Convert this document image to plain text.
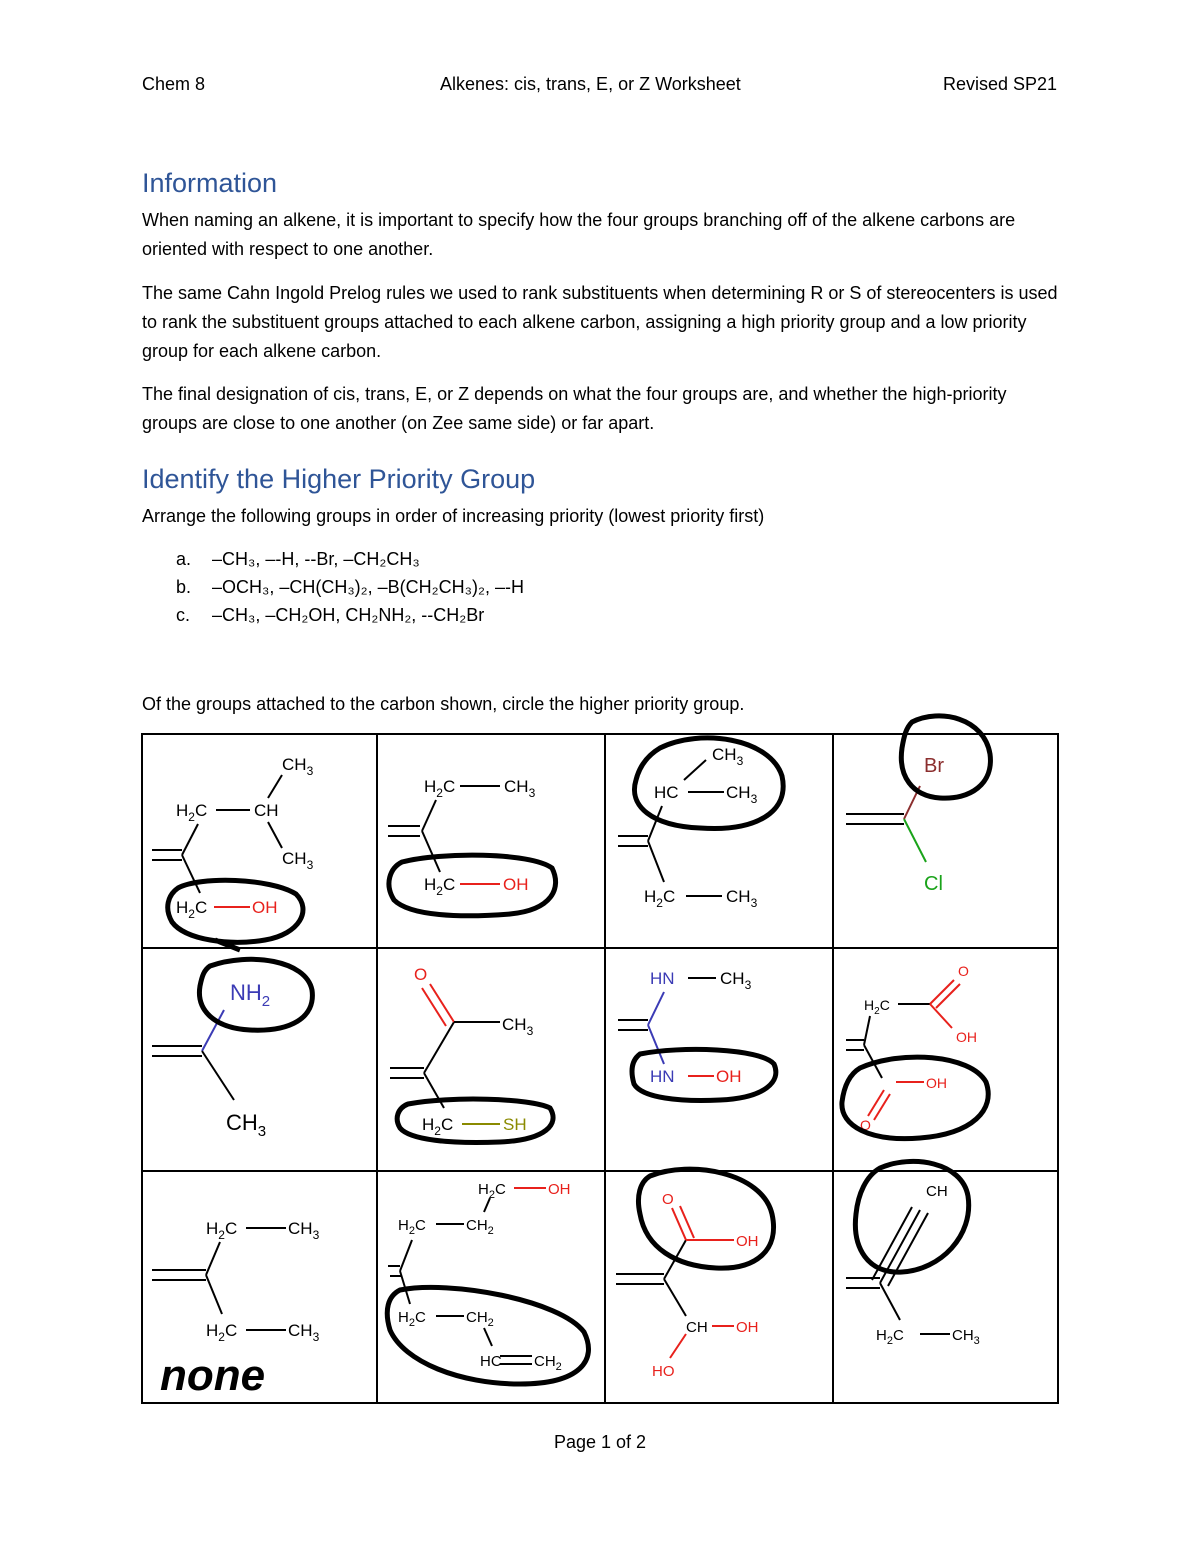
Chem 8	Alkenes: cis, trans, E, or Z Worksheet	Revised SP21
Information
When naming an alkene, it is important to specify how the four groups branching off of the alkene carbons are oriented with respect to one another.
The same Cahn Ingold Prelog rules we used to rank substituents when determining R or S of stereocenters is used to rank the substituent groups attached to each alkene carbon, assigning a high priority group and a low priority group for each alkene carbon.
The final designation of cis, trans, E, or Z depends on what the four groups are, and whether the high-priority groups are close to one another (on Zee same side) or far apart.
Identify the Higher Priority Group
Arrange the following groups in order of increasing priority (lowest priority first)
a. –CH₃, –-H, --Br, –CH₂CH₃
b. –OCH₃, –CH(CH₃)₂, –B(CH₂CH₃)₂, –-H
c. –CH₃, –CH₂OH, CH₂NH₂, --CH₂Br
Of the groups attached to the carbon shown, circle the higher priority group.
$CH_3$
$H_2C$	CH
$CH_3$
$H_2C$	OH
$H_2C$	$CH_3$
$H_2C$	OH
$CH_3$
HC	$CH_3$
$H_2C$	$CH_3$
Br
Cl
$NH_2$
$CH_3$
O
$CH_3$
$H_2C$	SH
HN	$CH_3$
HN OH
O
$H_2C$
OH
OH
O
$H_2C$	$CH_3$
$H_2C$	$CH_3$
none
$H_2C$	OH
$H_2C$	$CH_2$
$H_2C$	$CH_2$
HC $CH_2$
O
OH
CH OH
HO
CH
$H_2C$	$CH_3$
Page 1 of 2
